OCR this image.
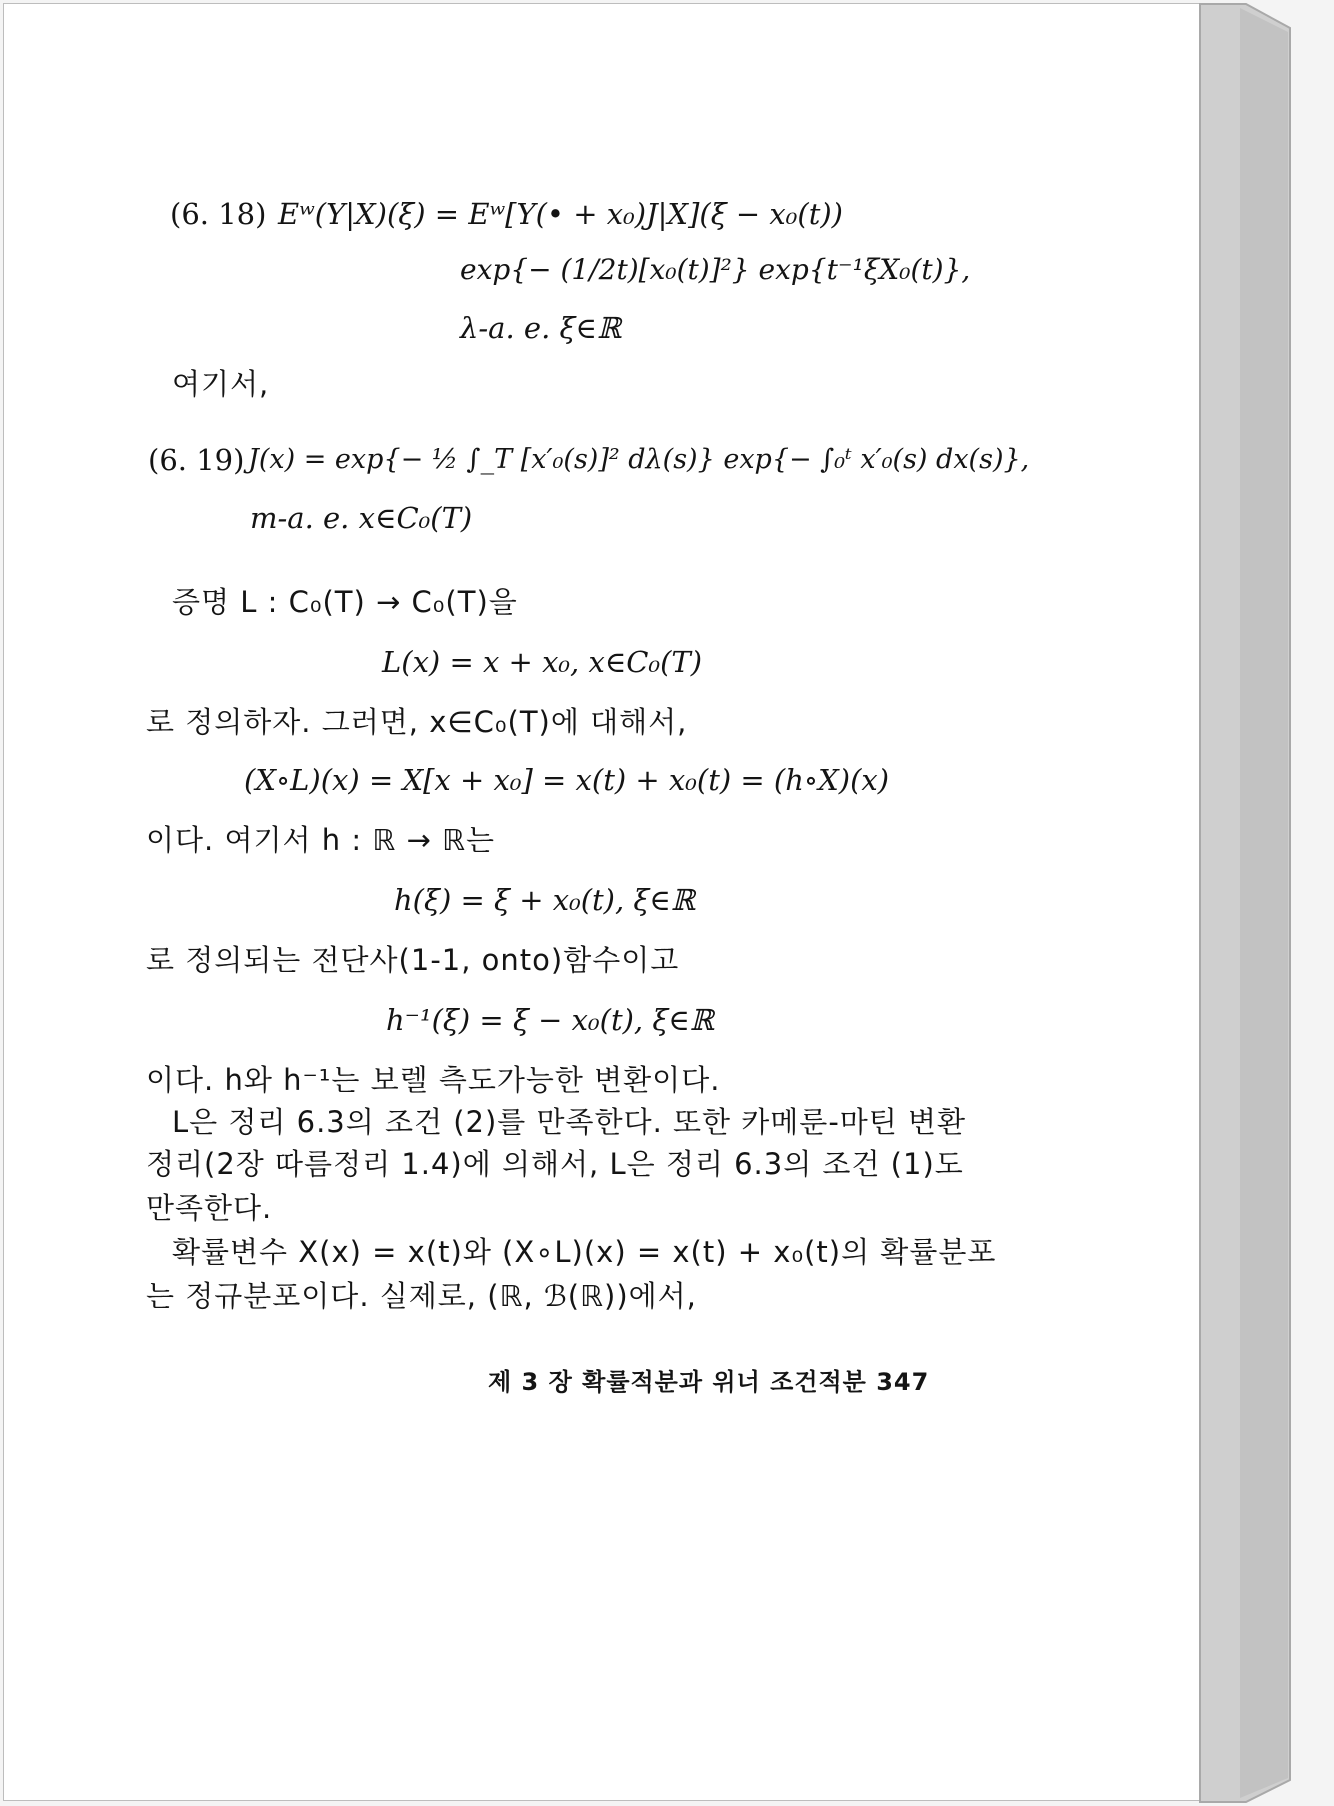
(6. 18) Eʷ(Y|X)(ξ) = Eʷ[Y(• + x₀)J|X](ξ − x₀(t))
exp{− (1/2t)[x₀(t)]²} exp{t⁻¹ξX₀(t)},
λ-a. e. ξ∈ℝ
여기서,
(6. 19) J(x) = exp{− ½ ∫_T [x′₀(s)]² dλ(s)} exp{− ∫₀ᵗ x′₀(s) dx(s)},
m-a. e. x∈C₀(T)
증명 L : C₀(T) → C₀(T)을
L(x) = x + x₀, x∈C₀(T)
로 정의하자. 그러면, x∈C₀(T)에 대해서,
(X∘L)(x) = X[x + x₀] = x(t) + x₀(t) = (h∘X)(x)
이다. 여기서 h : ℝ → ℝ는
h(ξ) = ξ + x₀(t), ξ∈ℝ
로 정의되는 전단사(1-1, onto)함수이고
h⁻¹(ξ) = ξ − x₀(t), ξ∈ℝ
이다. h와 h⁻¹는 보렐 측도가능한 변환이다.
L은 정리 6.3의 조건 (2)를 만족한다. 또한 카메룬-마틴 변환
정리(2장 따름정리 1.4)에 의해서, L은 정리 6.3의 조건 (1)도
만족한다.
확률변수 X(x) = x(t)와 (X∘L)(x) = x(t) + x₀(t)의 확률분포
는 정규분포이다. 실제로, (ℝ, ℬ(ℝ))에서,
제 3 장 확률적분과 위너 조건적분 347
